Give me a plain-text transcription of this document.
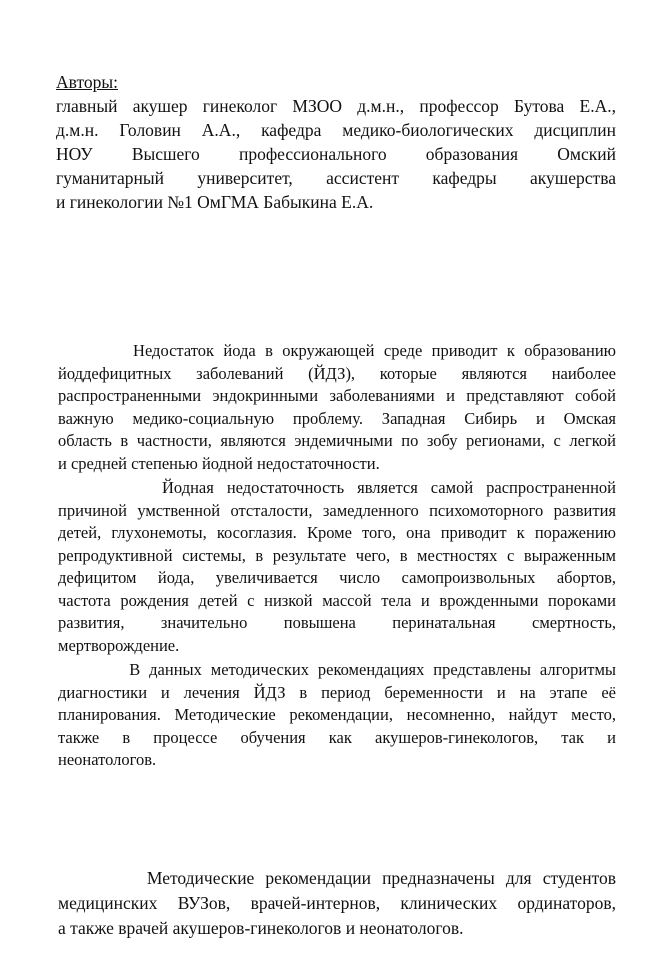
Авторы:
главный акушер гинеколог МЗОО д.м.н., профессор Бутова Е.А.,
д.м.н. Головин А.А., кафедра медико-биологических дисциплин
НОУ Высшего профессионального образования Омский
гуманитарный университет, ассистент кафедры акушерства
и гинекологии №1 ОмГМА Бабыкина Е.А.
Недостаток йода в окружающей среде приводит к образованию
йоддефицитных заболеваний (ЙДЗ), которые являются наиболее
распространенными эндокринными заболеваниями и представляют собой
важную медико-социальную проблему. Западная Сибирь и Омская
область в частности, являются эндемичными по зобу регионами, с легкой
и средней степенью йодной недостаточности.
Йодная недостаточность является самой распространенной
причиной умственной отсталости, замедленного психомоторного развития
детей, глухонемоты, косоглазия. Кроме того, она приводит к поражению
репродуктивной системы, в результате чего, в местностях с выраженным
дефицитом йода, увеличивается число самопроизвольных абортов,
частота рождения детей с низкой массой тела и врожденными пороками
развития, значительно повышена перинатальная смертность,
мертворождение.
В данных методических рекомендациях представлены алгоритмы
диагностики и лечения ЙДЗ в период беременности и на этапе её
планирования. Методические рекомендации, несомненно, найдут место,
также в процессе обучения как акушеров-гинекологов, так и
неонатологов.
Методические рекомендации предназначены для студентов
медицинских ВУЗов, врачей-интернов, клинических ординаторов,
а также врачей акушеров-гинекологов и неонатологов.
